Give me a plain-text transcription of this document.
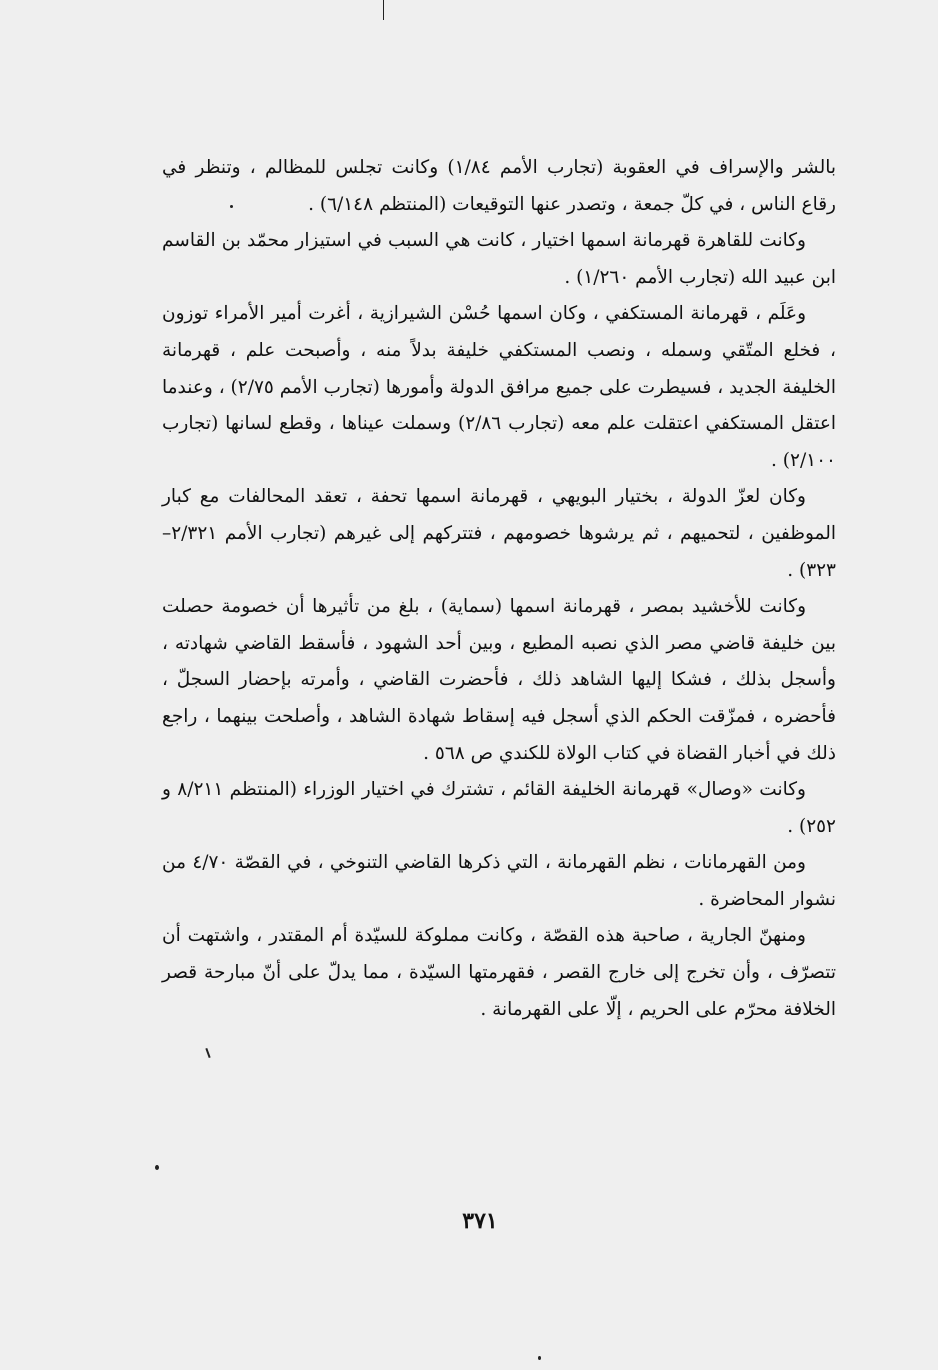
بالشر والإسراف في العقوبة (تجارب الأمم ١/٨٤) وكانت تجلس للمظالم ، وتنظر في رقاع الناس ، في كلّ جمعة ، وتصدر عنها التوقيعات (المنتظم ٦/١٤٨) .

وكانت للقاهرة قهرمانة اسمها اختيار ، كانت هي السبب في استيزار محمّد بن القاسم ابن عبيد الله (تجارب الأمم ١/٢٦٠) .

وعَلَم ، قهرمانة المستكفي ، وكان اسمها حُسْن الشيرازية ، أغرت أمير الأمراء توزون ، فخلع المتّقي وسمله ، ونصب المستكفي خليفة بدلاً منه ، وأصبحت علم ، قهرمانة الخليفة الجديد ، فسيطرت على جميع مرافق الدولة وأمورها (تجارب الأمم ٢/٧٥) ، وعندما اعتقل المستكفي اعتقلت علم معه (تجارب ٢/٨٦) وسملت عيناها ، وقطع لسانها (تجارب ٢/١٠٠) .

وكان لعزّ الدولة ، بختيار البويهي ، قهرمانة اسمها تحفة ، تعقد المحالفات مع كبار الموظفين ، لتحميهم ، ثم يرشوها خصومهم ، فتتركهم إلى غيرهم (تجارب الأمم ٢/٣٢١–٣٢٣) .

وكانت للأخشيد بمصر ، قهرمانة اسمها (سماية) ، بلغ من تأثيرها أن خصومة حصلت بين خليفة قاضي مصر الذي نصبه المطيع ، وبين أحد الشهود ، فأسقط القاضي شهادته ، وأسجل بذلك ، فشكا إليها الشاهد ذلك ، فأحضرت القاضي ، وأمرته بإحضار السجلّ ، فأحضره ، فمزّقت الحكم الذي أسجل فيه إسقاط شهادة الشاهد ، وأصلحت بينهما ، راجع ذلك في أخبار القضاة في كتاب الولاة للكندي ص ٥٦٨ .

وكانت «وصال» قهرمانة الخليفة القائم ، تشترك في اختيار الوزراء (المنتظم ٨/٢١١ و ٢٥٢) .

ومن القهرمانات ، نظم القهرمانة ، التي ذكرها القاضي التنوخي ، في القصّة ٤/٧٠ من نشوار المحاضرة .

ومنهنّ الجارية ، صاحبة هذه القصّة ، وكانت مملوكة للسيّدة أم المقتدر ، واشتهت أن تتصرّف ، وأن تخرج إلى خارج القصر ، فقهرمتها السيّدة ، مما يدلّ على أنّ مبارحة قصر الخلافة محرّم على الحريم ، إلّا على القهرمانة .

٣٧١
